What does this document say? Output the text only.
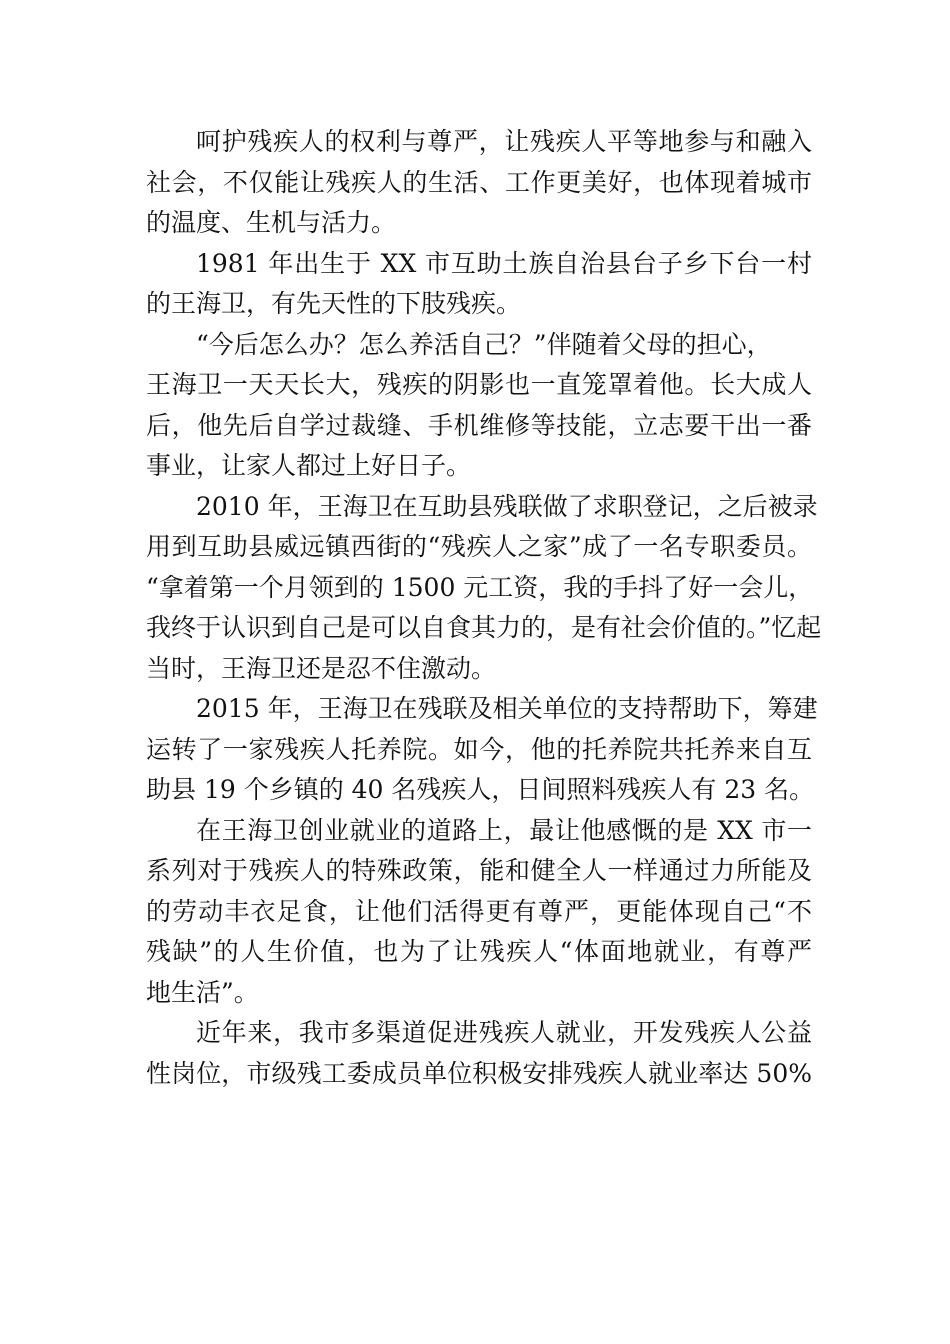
呵护残疾人的权利与尊严，让残疾人平等地参与和融入
社会，不仅能让残疾人的生活、工作更美好，也体现着城市
的温度、生机与活力。
1981 年出生于 XX 市互助土族自治县台子乡下台一村
的王海卫，有先天性的下肢残疾。
“今后怎么办？怎么养活自己？”伴随着父母的担心，
王海卫一天天长大，残疾的阴影也一直笼罩着他。长大成人
后，他先后自学过裁缝、手机维修等技能，立志要干出一番
事业，让家人都过上好日子。
2010 年，王海卫在互助县残联做了求职登记，之后被录
用到互助县威远镇西街的“残疾人之家”成了一名专职委员。
“拿着第一个月领到的 1500 元工资，我的手抖了好一会儿，
我终于认识到自己是可以自食其力的，是有社会价值的。”忆起
当时，王海卫还是忍不住激动。
2015 年，王海卫在残联及相关单位的支持帮助下，筹建
运转了一家残疾人托养院。如今，他的托养院共托养来自互
助县 19 个乡镇的 40 名残疾人，日间照料残疾人有 23 名。
在王海卫创业就业的道路上，最让他感慨的是 XX 市一
系列对于残疾人的特殊政策，能和健全人一样通过力所能及
的劳动丰衣足食，让他们活得更有尊严，更能体现自己“不
残缺”的人生价值，也为了让残疾人“体面地就业，有尊严
地生活”。
近年来，我市多渠道促进残疾人就业，开发残疾人公益
性岗位，市级残工委成员单位积极安排残疾人就业率达 50%
